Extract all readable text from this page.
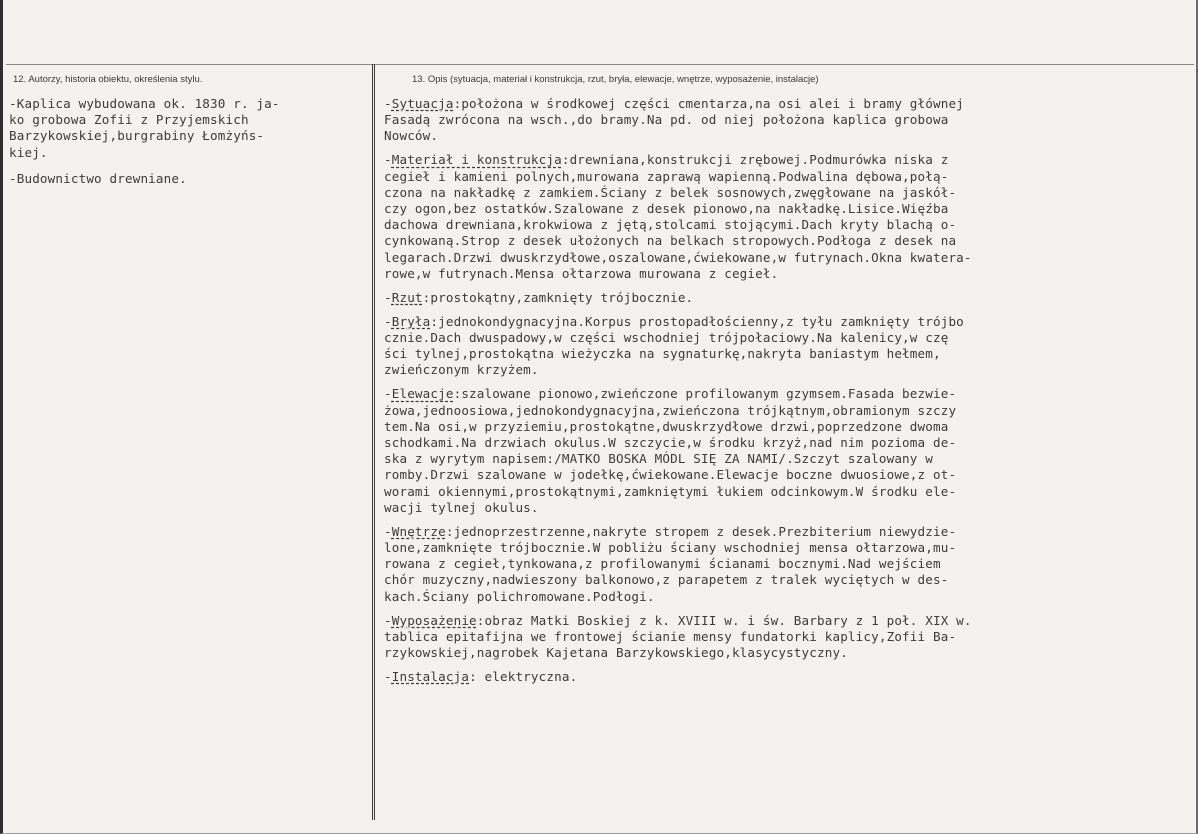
12. Autorzy, historia obiektu, określenia stylu.	13. Opis (sytuacja, materiał i konstrukcja, rzut, bryła, elewacje, wnętrze, wyposażenie, instalacje)
-Kaplica wybudowana ok. 1830 r. ja-
ko grobowa Zofii z Przyjemskich
Barzykowskiej,burgrabiny Łomżyńs-
kiej.
-Budownictwo drewniane.
-Sytuacja:położona w środkowej części cmentarza,na osi alei i bramy głównej
Fasadą zwrócona na wsch.,do bramy.Na pd. od niej położona kaplica grobowa
Nowców.
-Materiał i konstrukcja:drewniana,konstrukcji zrębowej.Podmurówka niska z
cegieł i kamieni polnych,murowana zaprawą wapienną.Podwalina dębowa,połą-
czona na nakładkę z zamkiem.Ściany z belek sosnowych,zwęgłowane na jaskół-
czy ogon,bez ostatków.Szalowane z desek pionowo,na nakładkę.Lisice.Więźba
dachowa drewniana,krokwiowa z jętą,stolcami stojącymi.Dach kryty blachą o-
cynkowaną.Strop z desek ułożonych na belkach stropowych.Podłoga z desek na
legarach.Drzwi dwuskrzydłowe,oszalowane,ćwiekowane,w futrynach.Okna kwatera-
rowe,w futrynach.Mensa ołtarzowa murowana z cegieł.
-Rzut:prostokątny,zamknięty trójbocznie.
-Bryła:jednokondygnacyjna.Korpus prostopadłościenny,z tyłu zamknięty trójbo
cznie.Dach dwuspadowy,w części wschodniej trójpołaciowy.Na kalenicy,w czę
ści tylnej,prostokątna wieżyczka na sygnaturkę,nakryta baniastym hełmem,
zwieńczonym krzyżem.
-Elewacje:szalowane pionowo,zwieńczone profilowanym gzymsem.Fasada bezwie-
żowa,jednoosiowa,jednokondygnacyjna,zwieńczona trójkątnym,obramionym szczy
tem.Na osi,w przyziemiu,prostokątne,dwuskrzydłowe drzwi,poprzedzone dwoma
schodkami.Na drzwiach okulus.W szczycie,w środku krzyż,nad nim pozioma de-
ska z wyrytym napisem:/MATKO BOSKA MÓDL SIĘ ZA NAMI/.Szczyt szalowany w
romby.Drzwi szalowane w jodełkę,ćwiekowane.Elewacje boczne dwuosiowe,z ot-
worami okiennymi,prostokątnymi,zamkniętymi łukiem odcinkowym.W środku ele-
wacji tylnej okulus.
-Wnętrze:jednoprzestrzenne,nakryte stropem z desek.Prezbiterium niewydzie-
lone,zamknięte trójbocznie.W pobliżu ściany wschodniej mensa ołtarzowa,mu-
rowana z cegieł,tynkowana,z profilowanymi ścianami bocznymi.Nad wejściem
chór muzyczny,nadwieszony balkonowo,z parapetem z tralek wyciętych w des-
kach.Ściany polichromowane.Podłogi.
-Wyposażenie:obraz Matki Boskiej z k. XVIII w. i św. Barbary z 1 poł. XIX w.
tablica epitafijna we frontowej ścianie mensy fundatorki kaplicy,Zofii Ba-
rzykowskiej,nagrobek Kajetana Barzykowskiego,klasycystyczny.
-Instalacja: elektryczna.
